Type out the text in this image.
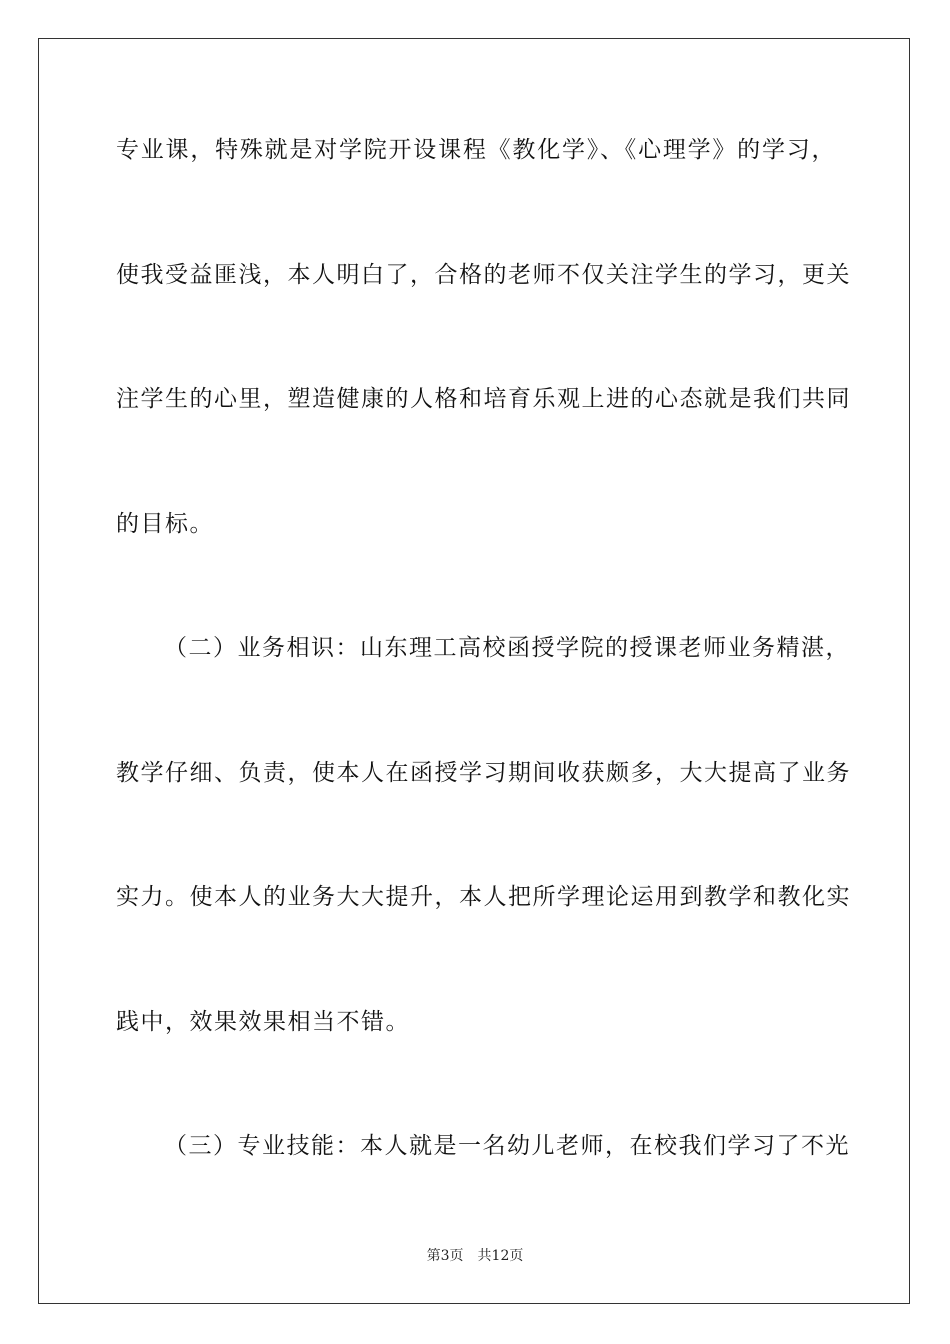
专业课，特殊就是对学院开设课程《教化学》、《心理学》的学习，
使我受益匪浅，本人明白了，合格的老师不仅关注学生的学习，更关
注学生的心里，塑造健康的人格和培育乐观上进的心态就是我们共同
的目标。
（二）业务相识：山东理工高校函授学院的授课老师业务精湛，
教学仔细、负责，使本人在函授学习期间收获颇多，大大提高了业务
实力。使本人的业务大大提升，本人把所学理论运用到教学和教化实
践中，效果效果相当不错。
（三）专业技能：本人就是一名幼儿老师，在校我们学习了不光
第3页 共12页
